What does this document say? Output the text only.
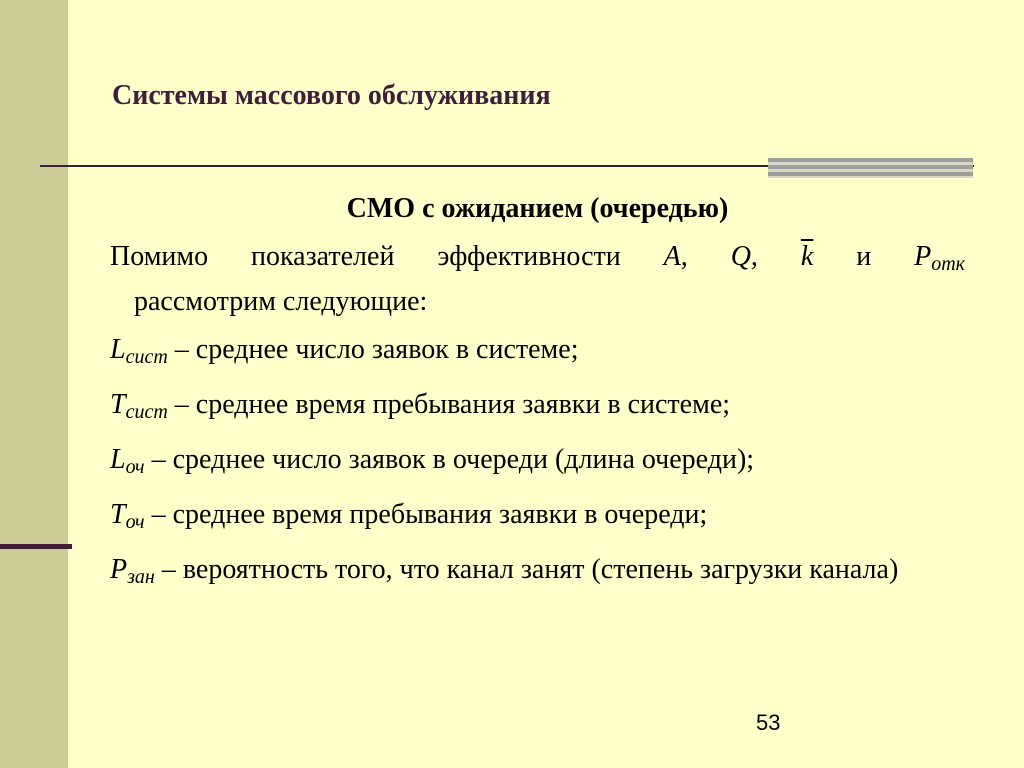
Системы массового обслуживания
СМО с ожиданием (очередью)
Помимо показателей эффективности A, Q, $\overline{k}$ и $P_{отк}$
рассмотрим следующие:
$L_{сист}$ – среднее число заявок в системе;
$T_{сист}$ – среднее время пребывания заявки в системе;
$L_{оч}$ – среднее число заявок в очереди (длина очереди);
$T_{оч}$ – среднее время пребывания заявки в очереди;
$P_{зан}$ – вероятность того, что канал занят (степень загрузки канала)
53
